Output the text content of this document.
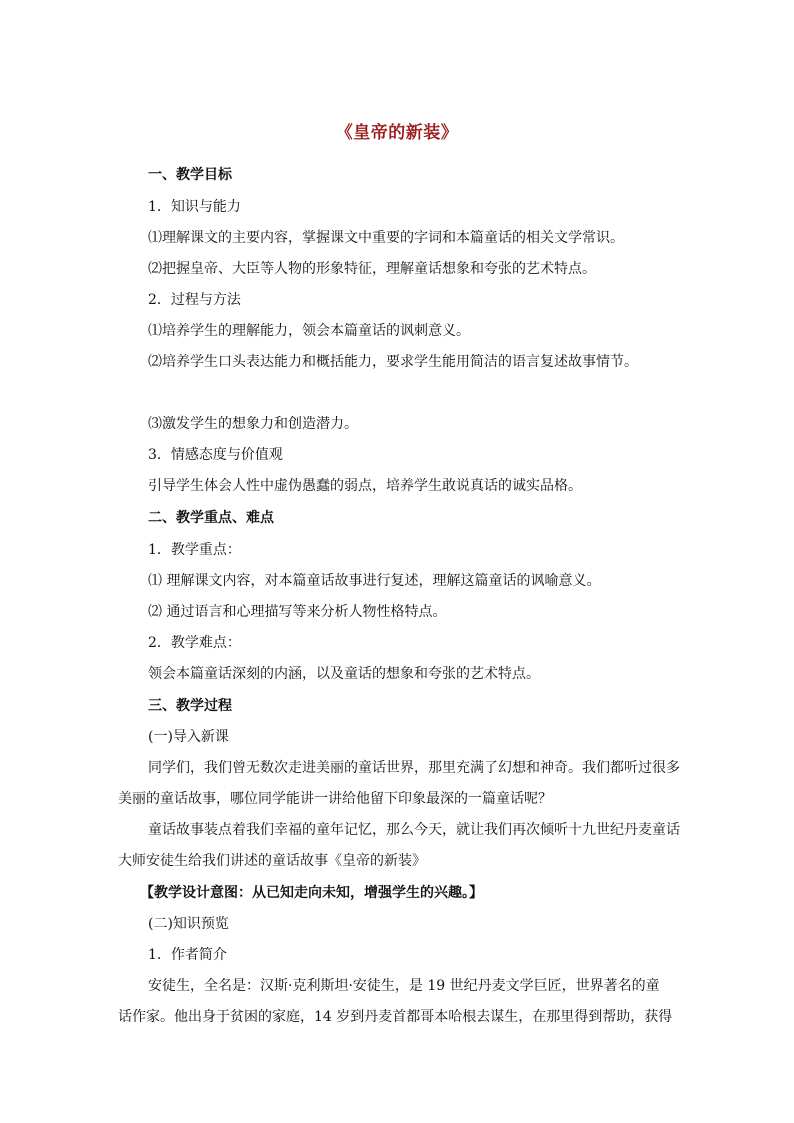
《皇帝的新装》
一、教学目标
1．知识与能力
⑴理解课文的主要内容，掌握课文中重要的字词和本篇童话的相关文学常识。
⑵把握皇帝、大臣等人物的形象特征，理解童话想象和夸张的艺术特点。
2．过程与方法
⑴培养学生的理解能力，领会本篇童话的讽刺意义。
⑵培养学生口头表达能力和概括能力，要求学生能用简洁的语言复述故事情节。
⑶激发学生的想象力和创造潜力。
3．情感态度与价值观
引导学生体会人性中虚伪愚蠢的弱点，培养学生敢说真话的诚实品格。
二、教学重点、难点
1．教学重点：
⑴ 理解课文内容，对本篇童话故事进行复述，理解这篇童话的讽喻意义。
⑵ 通过语言和心理描写等来分析人物性格特点。
2．教学难点：
领会本篇童话深刻的内涵，以及童话的想象和夸张的艺术特点。
三、教学过程
(一)导入新课
同学们，我们曾无数次走进美丽的童话世界，那里充满了幻想和神奇。我们都听过很多
美丽的童话故事，哪位同学能讲一讲给他留下印象最深的一篇童话呢？
童话故事装点着我们幸福的童年记忆，那么今天，就让我们再次倾听十九世纪丹麦童话
大师安徒生给我们讲述的童话故事《皇帝的新装》
【教学设计意图：从已知走向未知，增强学生的兴趣。】
(二)知识预览
1．作者简介
安徒生，全名是：汉斯·克利斯坦·安徒生，是 19 世纪丹麦文学巨匠，世界著名的童
话作家。他出身于贫困的家庭，14 岁到丹麦首都哥本哈根去谋生，在那里得到帮助，获得
